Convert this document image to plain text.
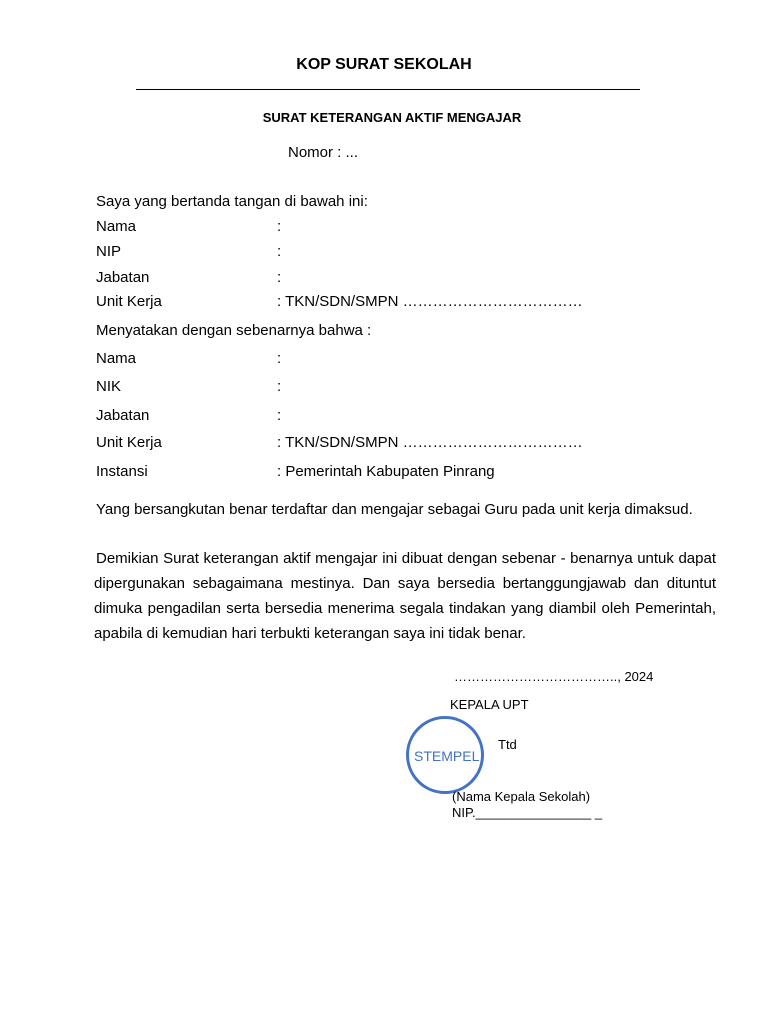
KOP SURAT SEKOLAH
SURAT KETERANGAN AKTIF MENGAJAR
Nomor : ...
Saya yang bertanda tangan di bawah ini:
Nama	:
NIP	:
Jabatan	:
Unit Kerja	: TKN/SDN/SMPN ………………………………
Menyatakan dengan sebenarnya bahwa :
Nama	:
NIK	:
Jabatan	:
Unit Kerja	: TKN/SDN/SMPN ………………………………
Instansi	: Pemerintah Kabupaten Pinrang
Yang bersangkutan benar terdaftar dan mengajar sebagai Guru pada unit kerja dimaksud.
Demikian Surat keterangan aktif mengajar ini dibuat dengan sebenar - benarnya untuk dapat dipergunakan sebagaimana mestinya. Dan saya bersedia bertanggungjawab dan dituntut dimuka pengadilan serta bersedia menerima segala tindakan yang diambil oleh Pemerintah, apabila di kemudian hari terbukti keterangan saya ini tidak benar.
……………………………….., 2024
KEPALA UPT
STEMPEL
Ttd
(Nama Kepala Sekolah)
NIP.________________ _
